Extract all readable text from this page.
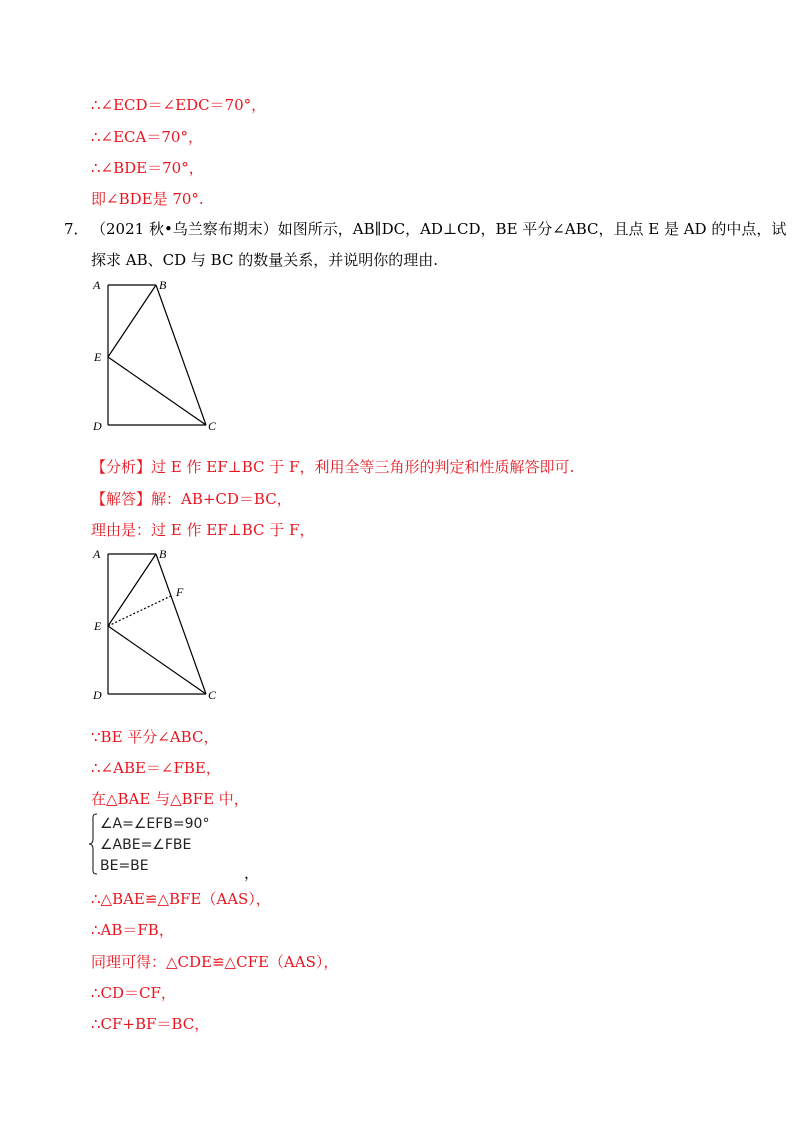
∴∠ECD＝∠EDC＝70°，
∴∠ECA＝70°，
∴∠BDE＝70°，
即∠BDE是 70°.
7． （2021 秋•乌兰察布期末）如图所示，AB∥DC，AD⊥CD，BE 平分∠ABC，且点 E 是 AD 的中点，试
探求 AB、CD 与 BC 的数量关系，并说明你的理由.
A	B
E
D	C
【分析】过 E 作 EF⊥BC 于 F，利用全等三角形的判定和性质解答即可.
【解答】解：AB+CD＝BC，
理由是：过 E 作 EF⊥BC 于 F，
A	B
F
E
D	C
∵BE 平分∠ABC，
∴∠ABE＝∠FBE，
在△BAE 与△BFE 中，
∠A=∠EFB=90°
∠ABE=∠FBE
BE=BE	，
∴△BAE≌△BFE（AAS），
∴AB＝FB，
同理可得：△CDE≌△CFE（AAS），
∴CD＝CF，
∴CF+BF＝BC，
